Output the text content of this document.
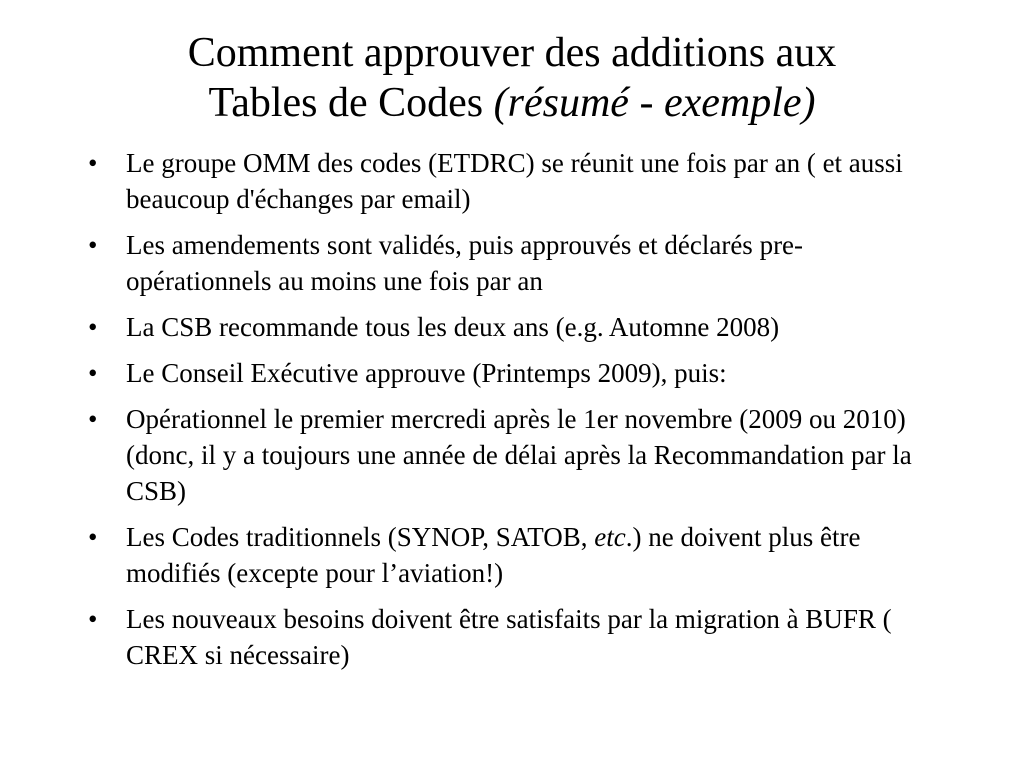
Comment approuver des additions aux
Tables de Codes (résumé - exemple)
•	Le groupe OMM des codes (ETDRC) se réunit une fois par an ( et aussi beaucoup d'échanges par email)
•	Les amendements sont validés, puis approuvés et déclarés pre-opérationnels au moins une fois par an
•	La CSB recommande tous les deux ans (e.g. Automne 2008)
•	Le Conseil Exécutive approuve (Printemps 2009), puis:
•	Opérationnel le premier mercredi après le 1er novembre (2009 ou 2010) (donc, il y a toujours une année de délai après la Recommandation par la CSB)
•	Les Codes traditionnels (SYNOP, SATOB, etc.) ne doivent plus être modifiés (excepte pour l’aviation!)
•	Les nouveaux besoins doivent être satisfaits par la migration à BUFR ( CREX si nécessaire)
